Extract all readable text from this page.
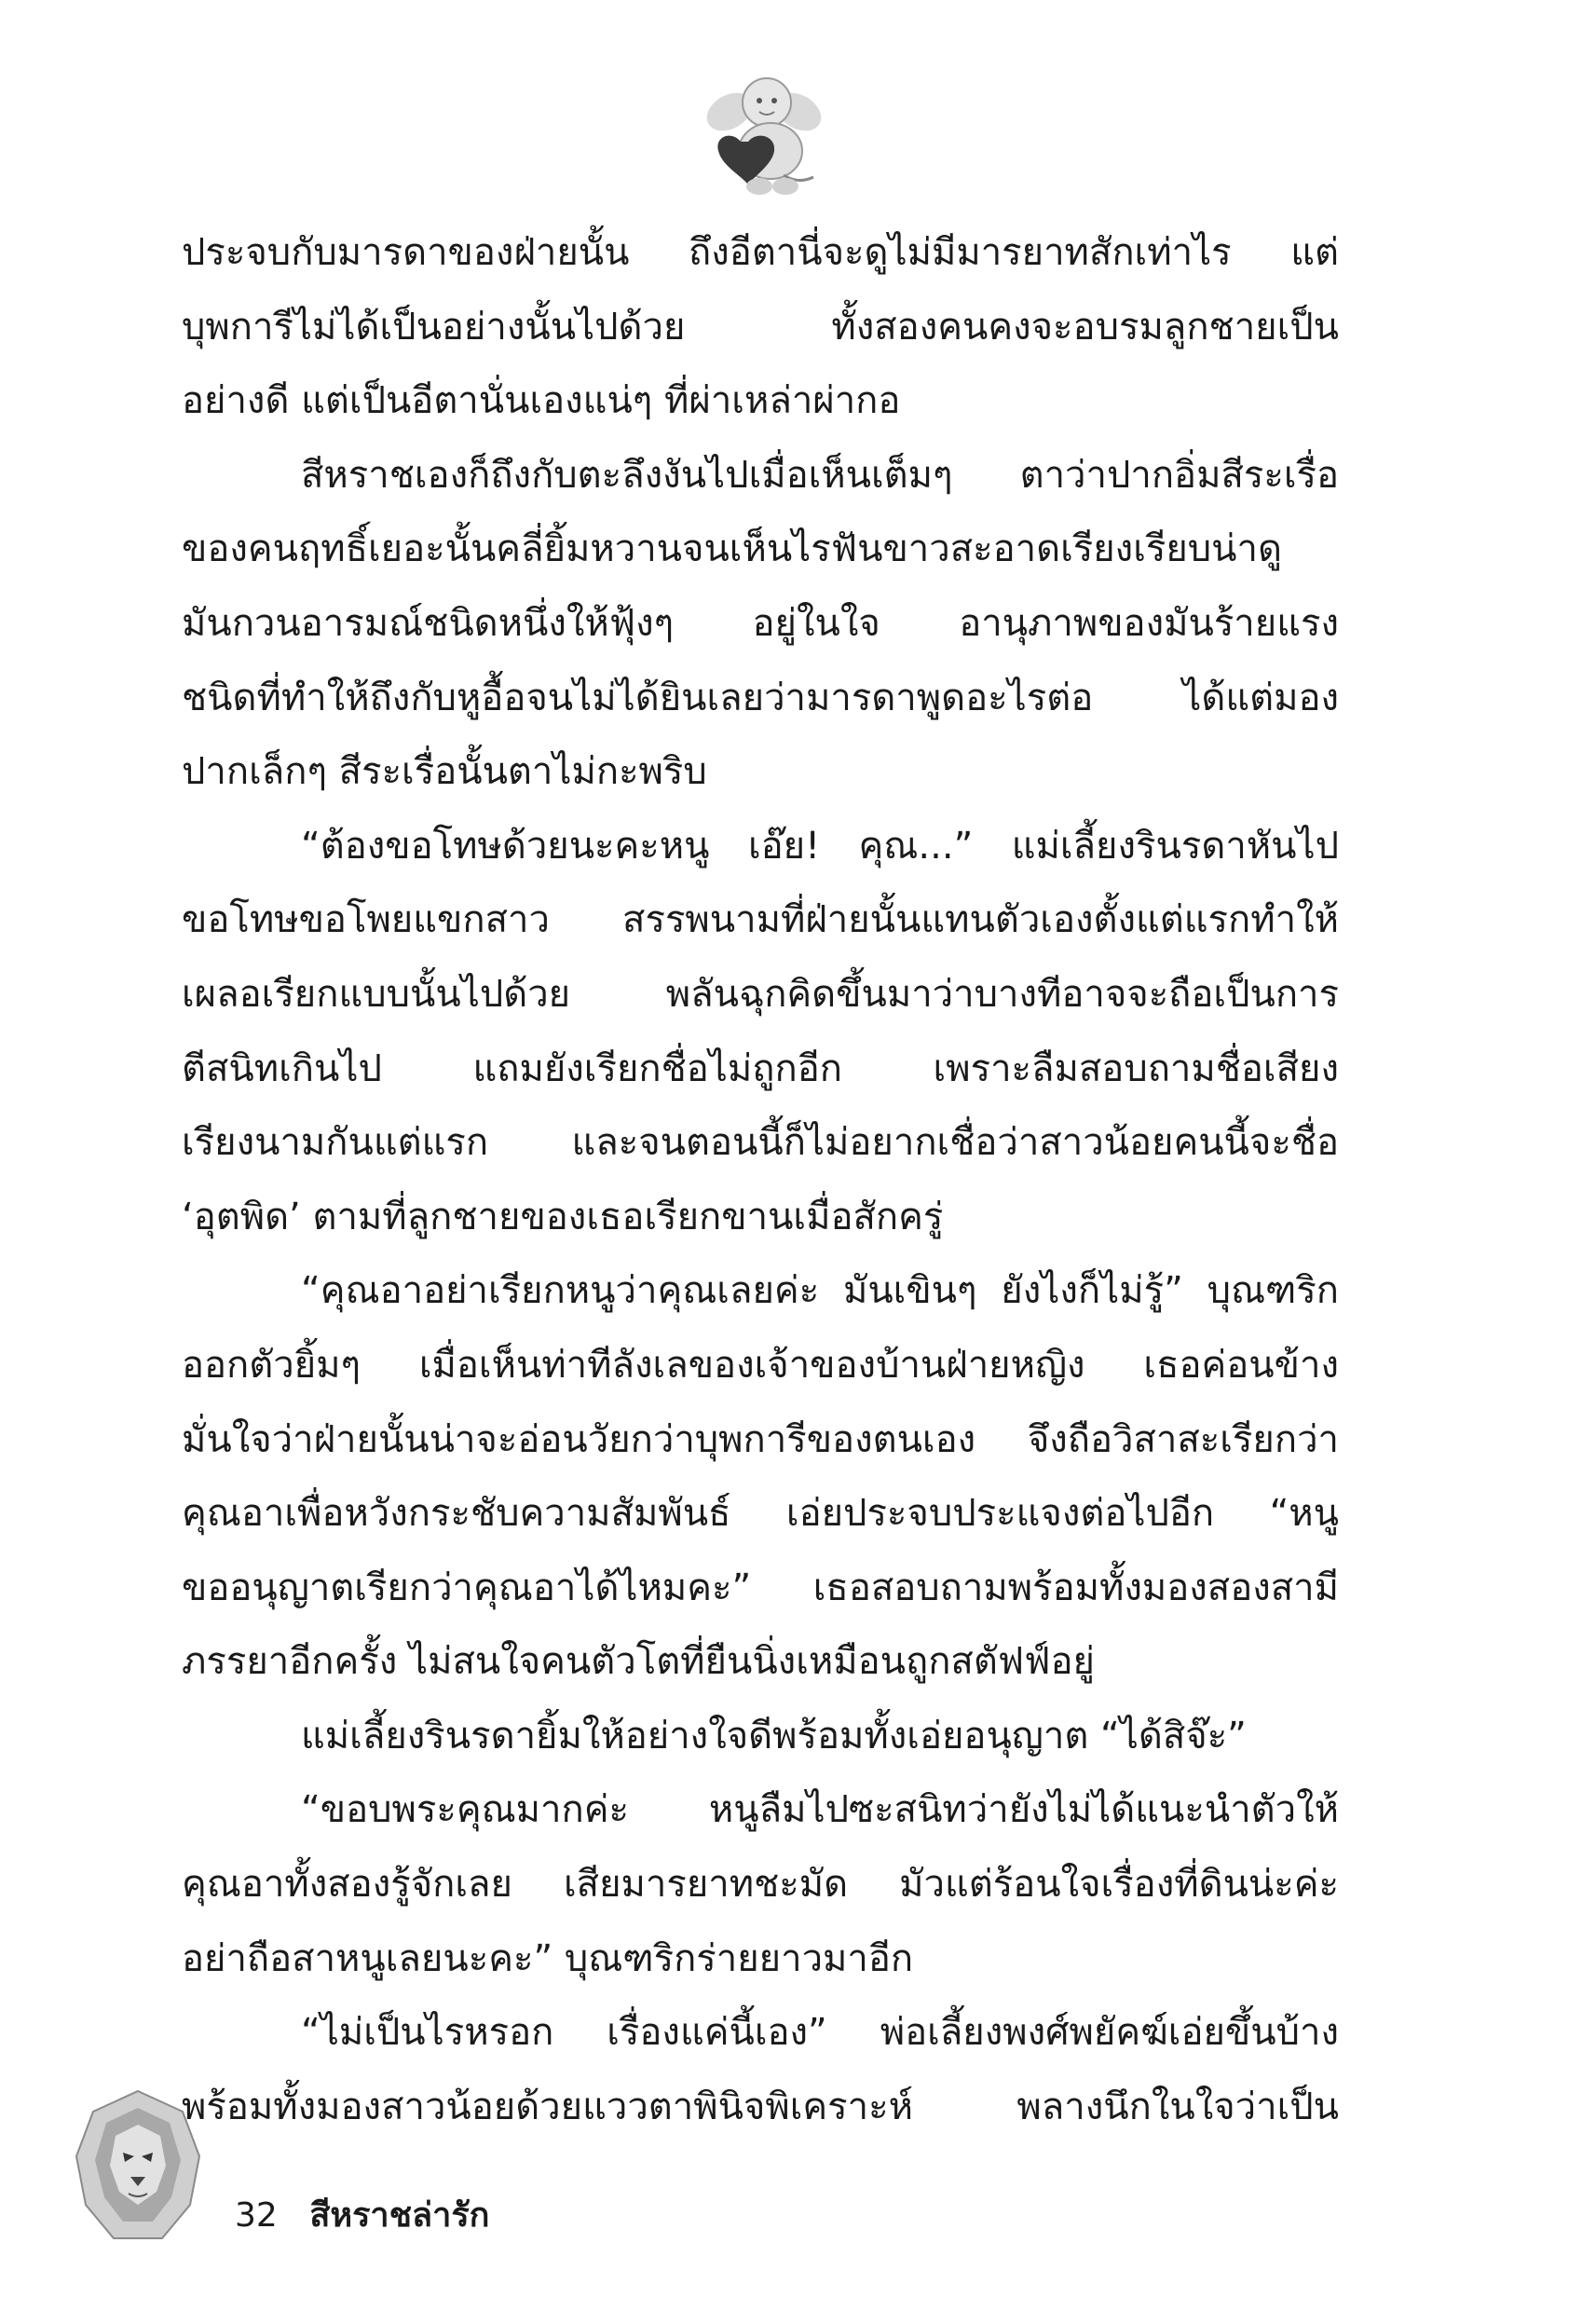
ประจบกับมารดาของฝ่ายนั้น ถึงอีตานี่จะดูไม่มีมารยาทสักเท่าไร แต่
บุพการีไม่ได้เป็นอย่างนั้นไปด้วย ทั้งสองคนคงจะอบรมลูกชายเป็น
อย่างดี แต่เป็นอีตานั่นเองแน่ๆ ที่ผ่าเหล่าผ่ากอ
สีหราชเองก็ถึงกับตะลึงงันไปเมื่อเห็นเต็มๆ ตาว่าปากอิ่มสีระเรื่อ
ของคนฤทธิ์เยอะนั้นคลี่ยิ้มหวานจนเห็นไรฟันขาวสะอาดเรียงเรียบน่าดู
มันกวนอารมณ์ชนิดหนึ่งให้ฟุ้งๆ อยู่ในใจ อานุภาพของมันร้ายแรง
ชนิดที่ทำให้ถึงกับหูอื้อจนไม่ได้ยินเลยว่ามารดาพูดอะไรต่อ ได้แต่มอง
ปากเล็กๆ สีระเรื่อนั้นตาไม่กะพริบ
“ต้องขอโทษด้วยนะคะหนู เอ๊ย! คุณ...” แม่เลี้ยงรินรดาหันไป
ขอโทษขอโพยแขกสาว สรรพนามที่ฝ่ายนั้นแทนตัวเองตั้งแต่แรกทำให้
เผลอเรียกแบบนั้นไปด้วย พลันฉุกคิดขึ้นมาว่าบางทีอาจจะถือเป็นการ
ตีสนิทเกินไป แถมยังเรียกชื่อไม่ถูกอีก เพราะลืมสอบถามชื่อเสียง
เรียงนามกันแต่แรก และจนตอนนี้ก็ไม่อยากเชื่อว่าสาวน้อยคนนี้จะชื่อ
‘อุตพิด’ ตามที่ลูกชายของเธอเรียกขานเมื่อสักครู่
“คุณอาอย่าเรียกหนูว่าคุณเลยค่ะ มันเขินๆ ยังไงก็ไม่รู้” บุณฑริก
ออกตัวยิ้มๆ เมื่อเห็นท่าทีลังเลของเจ้าของบ้านฝ่ายหญิง เธอค่อนข้าง
มั่นใจว่าฝ่ายนั้นน่าจะอ่อนวัยกว่าบุพการีของตนเอง จึงถือวิสาสะเรียกว่า
คุณอาเพื่อหวังกระชับความสัมพันธ์ เอ่ยประจบประแจงต่อไปอีก “หนู
ขออนุญาตเรียกว่าคุณอาได้ไหมคะ” เธอสอบถามพร้อมทั้งมองสองสามี
ภรรยาอีกครั้ง ไม่สนใจคนตัวโตที่ยืนนิ่งเหมือนถูกสตัฟฟ์อยู่
แม่เลี้ยงรินรดายิ้มให้อย่างใจดีพร้อมทั้งเอ่ยอนุญาต “ได้สิจ๊ะ”
“ขอบพระคุณมากค่ะ หนูลืมไปซะสนิทว่ายังไม่ได้แนะนำตัวให้
คุณอาทั้งสองรู้จักเลย เสียมารยาทชะมัด มัวแต่ร้อนใจเรื่องที่ดินน่ะค่ะ
อย่าถือสาหนูเลยนะคะ” บุณฑริกร่ายยาวมาอีก
“ไม่เป็นไรหรอก เรื่องแค่นี้เอง” พ่อเลี้ยงพงศ์พยัคฆ์เอ่ยขึ้นบ้าง
พร้อมทั้งมองสาวน้อยด้วยแววตาพินิจพิเคราะห์ พลางนึกในใจว่าเป็น
32 สีหราชล่ารัก
